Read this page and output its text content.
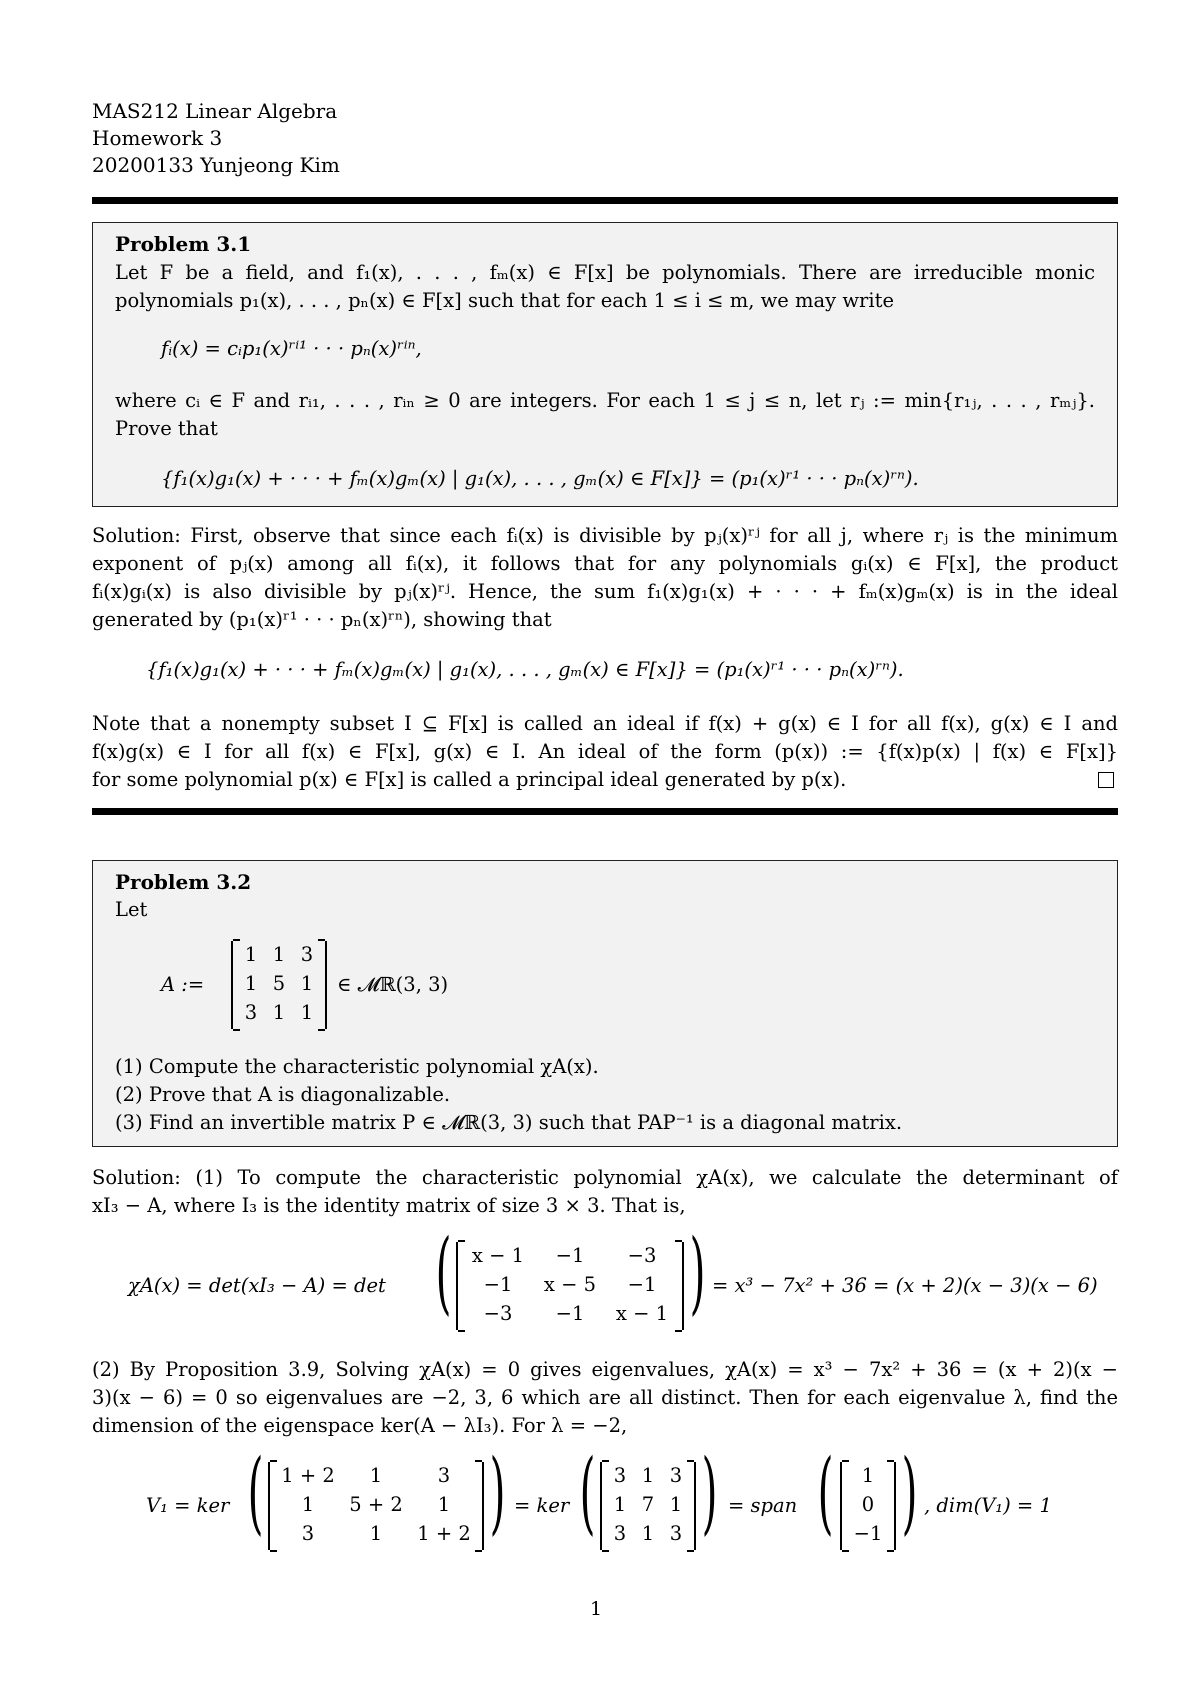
MAS212 Linear Algebra
Homework 3
20200133 Yunjeong Kim
Problem 3.1
Let F be a field, and f₁(x), . . . , fₘ(x) ∈ F[x] be polynomials. There are irreducible monic
polynomials p₁(x), . . . , pₙ(x) ∈ F[x] such that for each 1 ≤ i ≤ m, we may write
fᵢ(x) = cᵢp₁(x)ʳⁱ¹ · · · pₙ(x)ʳⁱⁿ,
where cᵢ ∈ F and rᵢ₁, . . . , rᵢₙ ≥ 0 are integers. For each 1 ≤ j ≤ n, let rⱼ := min{r₁ⱼ, . . . , rₘⱼ}.
Prove that
{f₁(x)g₁(x) + · · · + fₘ(x)gₘ(x) | g₁(x), . . . , gₘ(x) ∈ F[x]} = (p₁(x)ʳ¹ · · · pₙ(x)ʳⁿ).
Solution: First, observe that since each fᵢ(x) is divisible by pⱼ(x)ʳʲ for all j, where rⱼ is the minimum
exponent of pⱼ(x) among all fᵢ(x), it follows that for any polynomials gᵢ(x) ∈ F[x], the product
fᵢ(x)gᵢ(x) is also divisible by pⱼ(x)ʳʲ. Hence, the sum f₁(x)g₁(x) + · · · + fₘ(x)gₘ(x) is in the ideal
generated by (p₁(x)ʳ¹ · · · pₙ(x)ʳⁿ), showing that
{f₁(x)g₁(x) + · · · + fₘ(x)gₘ(x) | g₁(x), . . . , gₘ(x) ∈ F[x]} = (p₁(x)ʳ¹ · · · pₙ(x)ʳⁿ).
Note that a nonempty subset I ⊆ F[x] is called an ideal if f(x) + g(x) ∈ I for all f(x), g(x) ∈ I and
f(x)g(x) ∈ I for all f(x) ∈ F[x], g(x) ∈ I. An ideal of the form (p(x)) := {f(x)p(x) | f(x) ∈ F[x]}
for some polynomial p(x) ∈ F[x] is called a principal ideal generated by p(x).
Problem 3.2
Let
A :=
1 1 3
1 5 1
3 1 1
∈ 𝓜ℝ(3, 3)
(1) Compute the characteristic polynomial χA(x).
(2) Prove that A is diagonalizable.
(3) Find an invertible matrix P ∈ 𝓜ℝ(3, 3) such that PAP⁻¹ is a diagonal matrix.
Solution: (1) To compute the characteristic polynomial χA(x), we calculate the determinant of
xI₃ − A, where I₃ is the identity matrix of size 3 × 3. That is,
χA(x) = det(xI₃ − A) = det (	x − 1	−1	−3
−1	x − 5	−1
−3	−1	x − 1 ) = x³ − 7x² + 36 = (x + 2)(x − 3)(x − 6)
(2) By Proposition 3.9, Solving χA(x) = 0 gives eigenvalues, χA(x) = x³ − 7x² + 36 = (x + 2)(x −
3)(x − 6) = 0 so eigenvalues are −2, 3, 6 which are all distinct. Then for each eigenvalue λ, find the
dimension of the eigenspace ker(A − λI₃). For λ = −2,
V₁ = ker ( 1 + 2	1	3
1	5 + 2	1
3	1	1 + 2 ) = ker ( 3 1 3
1 7 1
3 1 3 ) = span (	1
0
−1 ) , dim(V₁) = 1
1
